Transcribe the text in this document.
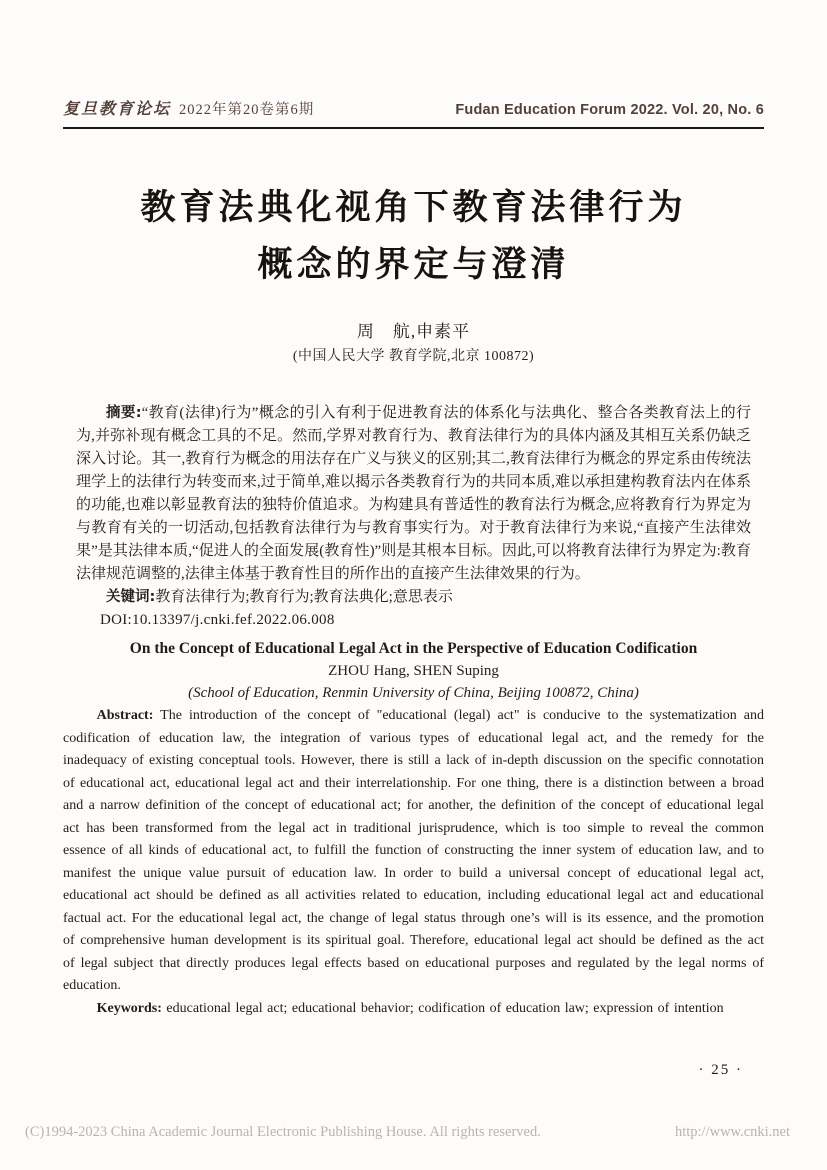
复旦教育论坛 2022年第20卷第6期	Fudan Education Forum 2022. Vol. 20, No. 6
教育法典化视角下教育法律行为
概念的界定与澄清
周　航,申素平
(中国人民大学 教育学院,北京 100872)

摘要:“教育(法律)行为”概念的引入有利于促进教育法的体系化与法典化、整合各类教育法上的行为,并弥补现有概念工具的不足。然而,学界对教育行为、教育法律行为的具体内涵及其相互关系仍缺乏深入讨论。其一,教育行为概念的用法存在广义与狭义的区别;其二,教育法律行为概念的界定系由传统法理学上的法律行为转变而来,过于简单,难以揭示各类教育行为的共同本质,难以承担建构教育法内在体系的功能,也难以彰显教育法的独特价值追求。为构建具有普适性的教育法行为概念,应将教育行为界定为与教育有关的一切活动,包括教育法律行为与教育事实行为。对于教育法律行为来说,“直接产生法律效果”是其法律本质,“促进人的全面发展(教育性)”则是其根本目标。因此,可以将教育法律行为界定为:教育法律规范调整的,法律主体基于教育性目的所作出的直接产生法律效果的行为。

关键词:教育法律行为;教育行为;教育法典化;意思表示

DOI:10.13397/j.cnki.fef.2022.06.008

On the Concept of Educational Legal Act in the Perspective of Education Codification
ZHOU Hang, SHEN Suping
(School of Education, Renmin University of China, Beijing 100872, China)

Abstract: The introduction of the concept of "educational (legal) act" is conducive to the systematization and codification of education law, the integration of various types of educational legal act, and the remedy for the inadequacy of existing conceptual tools. However, there is still a lack of in-depth discussion on the specific connotation of educational act, educational legal act and their interrelationship. For one thing, there is a distinction between a broad and a narrow definition of the concept of educational act; for another, the definition of the concept of educational legal act has been transformed from the legal act in traditional jurisprudence, which is too simple to reveal the common essence of all kinds of educational act, to fulfill the function of constructing the inner system of education law, and to manifest the unique value pursuit of education law. In order to build a universal concept of educational legal act, educational act should be defined as all activities related to education, including educational legal act and educational factual act. For the educational legal act, the change of legal status through one’s will is its essence, and the promotion of comprehensive human development is its spiritual goal. Therefore, educational legal act should be defined as the act of legal subject that directly produces legal effects based on educational purposes and regulated by the legal norms of education.

Keywords: educational legal act; educational behavior; codification of education law; expression of intention

· 25 ·
(C)1994-2023 China Academic Journal Electronic Publishing House. All rights reserved.	http://www.cnki.net
